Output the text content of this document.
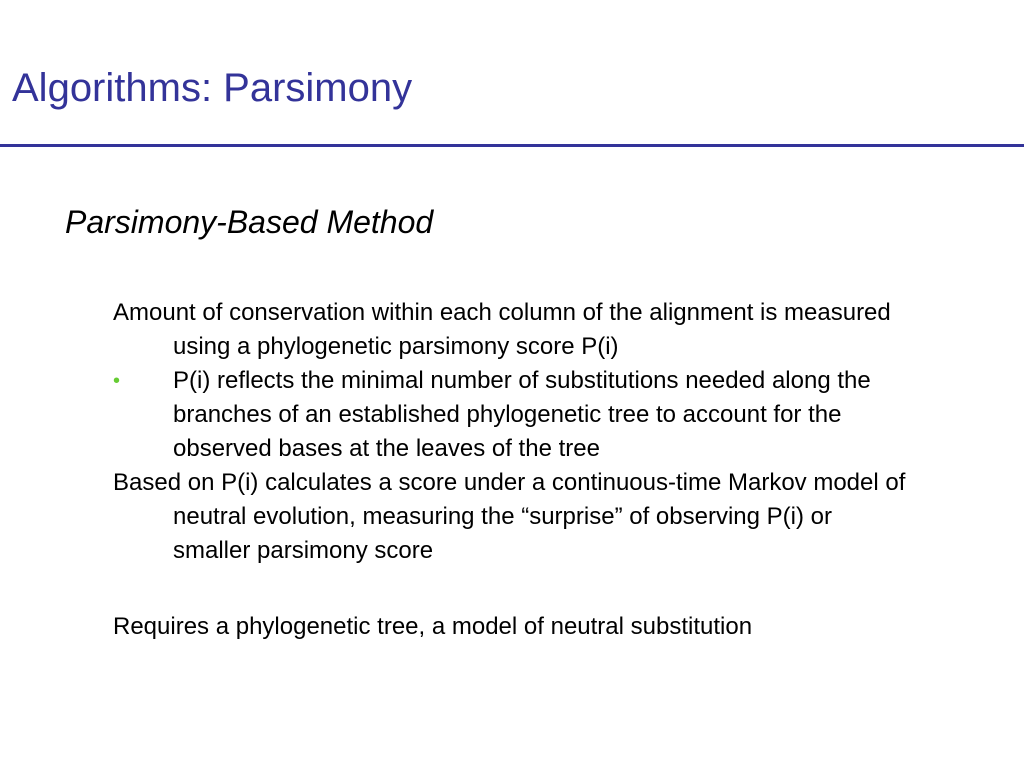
Algorithms: Parsimony
Parsimony-Based Method

Amount of conservation within each column of the alignment is measured using a phylogenetic parsimony score P(i)

•	P(i) reflects the minimal number of substitutions needed along the branches of an established phylogenetic tree to account for the observed bases at the leaves of the tree

Based on P(i) calculates a score under a continuous-time Markov model of neutral evolution, measuring the “surprise” of observing P(i) or smaller parsimony score

Requires a phylogenetic tree, a model of neutral substitution
